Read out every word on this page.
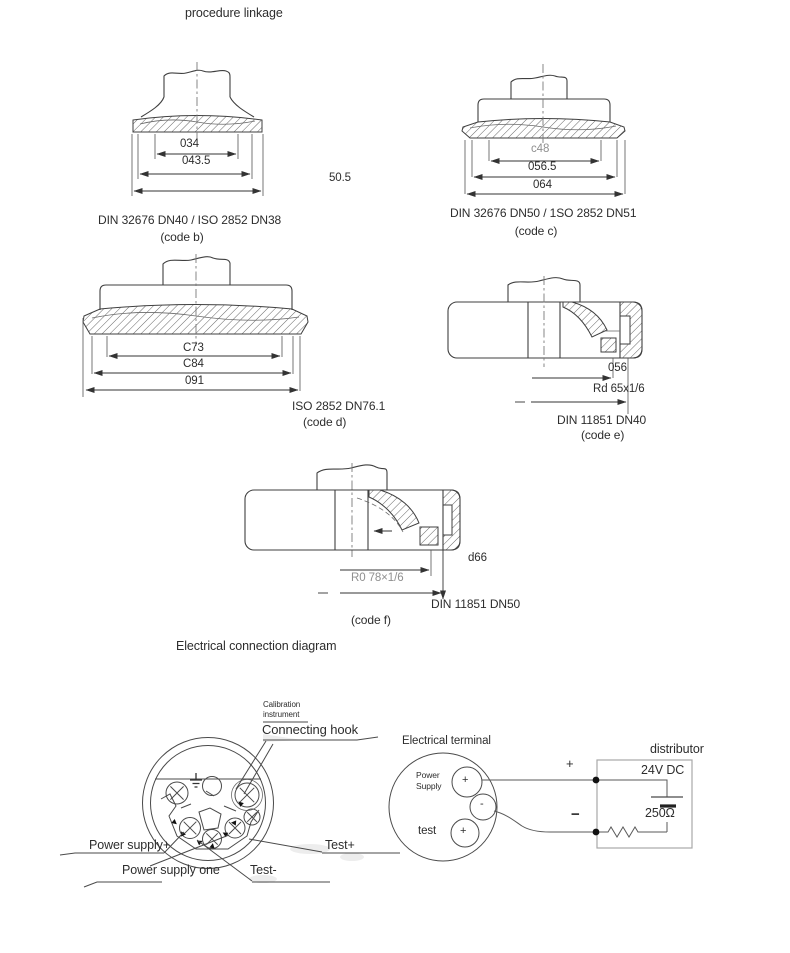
procedure linkage
034
043.5
50.5
DIN 32676 DN40 / ISO 2852 DN38
(code b)
c48
056.5
064
DIN 32676 DN50 / 1SO 2852 DN51
(code c)
C73
C84
091
ISO 2852 DN76.1
(code d)
056
Rd 65x1/6
DIN 11851 DN40
(code e)
d66
R0 78×1/6
DIN 11851 DN50
(code f)
Electrical connection diagram
Calibration
instrument
Connecting hook
Power supply+	Test+
Power supply one Test-
Electrical terminal
Power
Supply
test
+
-
+
distributor
+	24V DC
250Ω
−
